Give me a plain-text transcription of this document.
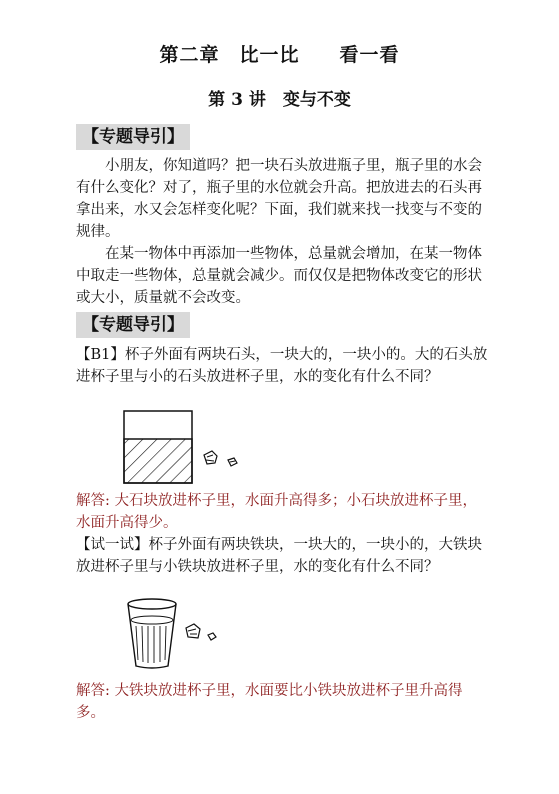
第二章　比一比　　看一看
第 3 讲　变与不变
【专题导引】

小朋友，你知道吗？把一块石头放进瓶子里，瓶子里的水会有什么变化？对了，瓶子里的水位就会升高。把放进去的石头再拿出来，水又会怎样变化呢？下面，我们就来找一找变与不变的规律。

在某一物体中再添加一些物体，总量就会增加，在某一物体中取走一些物体，总量就会减少。而仅仅是把物体改变它的形状或大小，质量就不会改变。

【专题导引】

【B1】杯子外面有两块石头，一块大的，一块小的。大的石头放进杯子里与小的石头放进杯子里，水的变化有什么不同？

解答: 大石块放进杯子里，水面升高得多；小石块放进杯子里，水面升高得少。

【试一试】杯子外面有两块铁块，一块大的，一块小的，大铁块放进杯子里与小铁块放进杯子里，水的变化有什么不同？

解答: 大铁块放进杯子里，水面要比小铁块放进杯子里升高得多。
